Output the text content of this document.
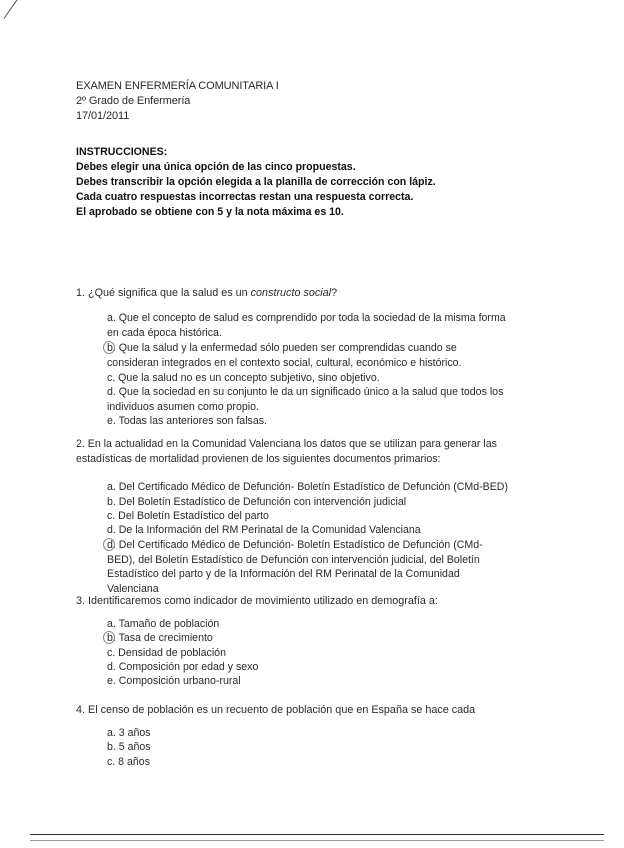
EXAMEN ENFERMERÍA COMUNITARIA I
2º Grado de Enfermería
17/01/2011
INSTRUCCIONES:
Debes elegir una única opción de las cinco propuestas.
Debes transcribir la opción elegida a la planilla de corrección con lápiz.
Cada cuatro respuestas incorrectas restan una respuesta correcta.
El aprobado se obtiene con 5 y la nota máxima es 10.
1. ¿Qué significa que la salud es un constructo social?
a. Que el concepto de salud es comprendido por toda la sociedad de la misma forma en cada época histórica.
b. Que la salud y la enfermedad sólo pueden ser comprendidas cuando se consideran integrados en el contexto social, cultural, económico e histórico.
c. Que la salud no es un concepto subjetivo, sino objetivo.
d. Que la sociedad en su conjunto le da un significado único a la salud que todos los individuos asumen como propio.
e. Todas las anteriores son falsas.
2. En la actualidad en la Comunidad Valenciana los datos que se utilizan para generar las estadísticas de mortalidad provienen de los siguientes documentos primarios:
a. Del Certificado Médico de Defunción- Boletín Estadístico de Defunción (CMd-BED)
b. Del Boletín Estadístico de Defunción con intervención judicial
c. Del Boletín Estadístico del parto
d. De la Información del RM Perinatal de la Comunidad Valenciana
d. Del Certificado Médico de Defunción- Boletín Estadístico de Defunción (CMd-BED), del Boletín Estadístico de Defunción con intervención judicial, del Boletín Estadístico del parto y de la Información del RM Perinatal de la Comunidad Valenciana
3. Identificaremos como indicador de movimiento utilizado en demografía a:
a. Tamaño de población
b. Tasa de crecimiento
c. Densidad de población
d. Composición por edad y sexo
e. Composición urbano-rural
4. El censo de población es un recuento de población que en España se hace cada
a. 3 años
b. 5 años
c. 8 años
